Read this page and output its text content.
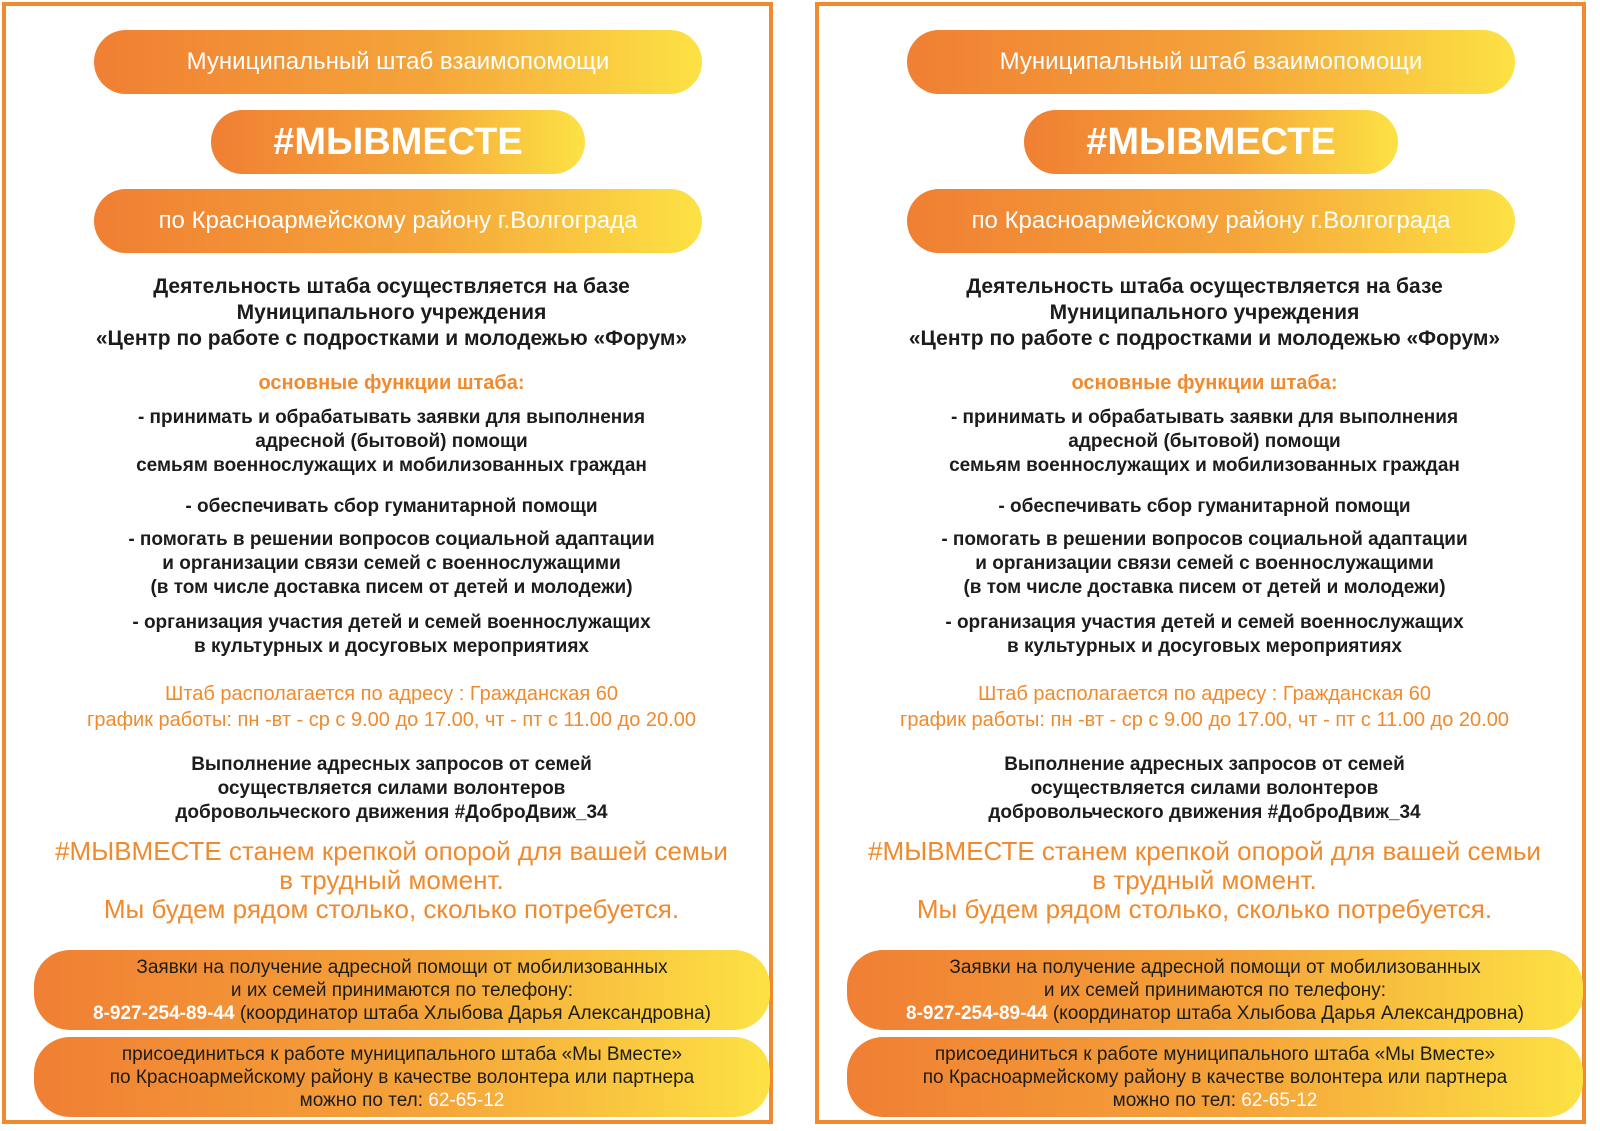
Муниципальный штаб взаимопомощи
#МЫВМЕСТЕ
по Красноармейскому району г.Волгограда
Деятельность штаба осуществляется на базе
Муниципального учреждения
«Центр по работе с подростками и молодежью «Форум»
основные функции штаба:
- принимать и обрабатывать заявки для выполнения
адресной (бытовой) помощи
семьям военнослужащих и мобилизованных граждан
- обеспечивать сбор гуманитарной помощи
- помогать в решении вопросов социальной адаптации
и организации связи семей с военнослужащими
(в том числе доставка писем от детей и молодежи)
- организация участия детей и семей военнослужащих
в культурных и досуговых мероприятиях
Штаб располагается по адресу : Гражданская 60
график работы: пн -вт - ср с 9.00 до 17.00, чт - пт с 11.00 до 20.00
Выполнение адресных запросов от семей
осуществляется силами волонтеров
добровольческого движения #ДоброДвиж_34
#МЫВМЕСТЕ станем крепкой опорой для вашей семьи
в трудный момент.
Мы будем рядом столько, сколько потребуется.
Заявки на получение адресной помощи от мобилизованных
и их семей принимаются по телефону:
8-927-254-89-44 (координатор штаба Хлыбова Дарья Александровна)
присоединиться к работе муниципального штаба «Мы Вместе»
по Красноармейскому району в качестве волонтера или партнера
можно по тел: 62-65-12
Муниципальный штаб взаимопомощи
#МЫВМЕСТЕ
по Красноармейскому району г.Волгограда
Деятельность штаба осуществляется на базе
Муниципального учреждения
«Центр по работе с подростками и молодежью «Форум»
основные функции штаба:
- принимать и обрабатывать заявки для выполнения
адресной (бытовой) помощи
семьям военнослужащих и мобилизованных граждан
- обеспечивать сбор гуманитарной помощи
- помогать в решении вопросов социальной адаптации
и организации связи семей с военнослужащими
(в том числе доставка писем от детей и молодежи)
- организация участия детей и семей военнослужащих
в культурных и досуговых мероприятиях
Штаб располагается по адресу : Гражданская 60
график работы: пн -вт - ср с 9.00 до 17.00, чт - пт с 11.00 до 20.00
Выполнение адресных запросов от семей
осуществляется силами волонтеров
добровольческого движения #ДоброДвиж_34
#МЫВМЕСТЕ станем крепкой опорой для вашей семьи
в трудный момент.
Мы будем рядом столько, сколько потребуется.
Заявки на получение адресной помощи от мобилизованных
и их семей принимаются по телефону:
8-927-254-89-44 (координатор штаба Хлыбова Дарья Александровна)
присоединиться к работе муниципального штаба «Мы Вместе»
по Красноармейскому району в качестве волонтера или партнера
можно по тел: 62-65-12
